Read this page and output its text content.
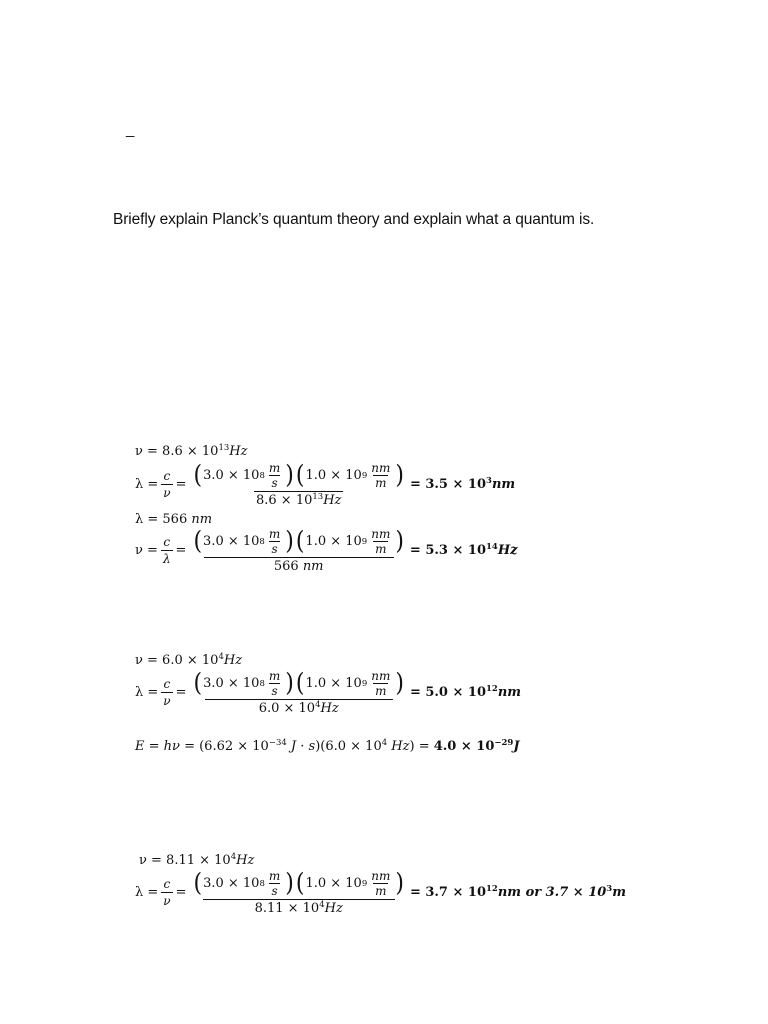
_
Briefly explain Planck’s quantum theory and explain what a quantum is.
$\nu = 8.6 \times 10^{13}Hz$
$\lambda = \frac{c}{\nu} = \frac{( 3.0 \times 10 8 \frac{m}{s} ) ( 1.0 \times 10 9 \frac{nm}{m} )}{8.6 \times 10^{13}Hz} = 3.5 \times 10^3nm$
λ = 566 nm
$\nu = \frac{c}{\lambda} = \frac{( 3.0 \times 10 8 \frac{m}{s} ) ( 1.0 \times 10 9 \frac{nm}{m} )}{566 nm} = 5.3 \times 10^{14}Hz$
$\nu = 6.0 \times 10^4Hz$
$\lambda = \frac{c}{\nu} = \frac{( 3.0 \times 10 8 \frac{m}{s} ) ( 1.0 \times 10 9 \frac{nm}{m} )}{6.0 \times 10^4Hz} = 5.0 \times 10^{12}nm$
$E = h\nu = (6.62 \times 10^{-34}$ $J \cdot s)(6.0 \times 10^4$ $Hz) = 4.0 \times 10^{-29}J$
$\nu = 8.11 \times 10^4Hz$
$\lambda = \frac{c}{\nu} = \frac{( 3.0 \times 10 8 \frac{m}{s} ) ( 1.0 \times 10 9 \frac{nm}{m} )}{8.11 \times 10^4Hz} = 3.7 \times 10^{12}nm$ or $3.7 \times 10^3m$
